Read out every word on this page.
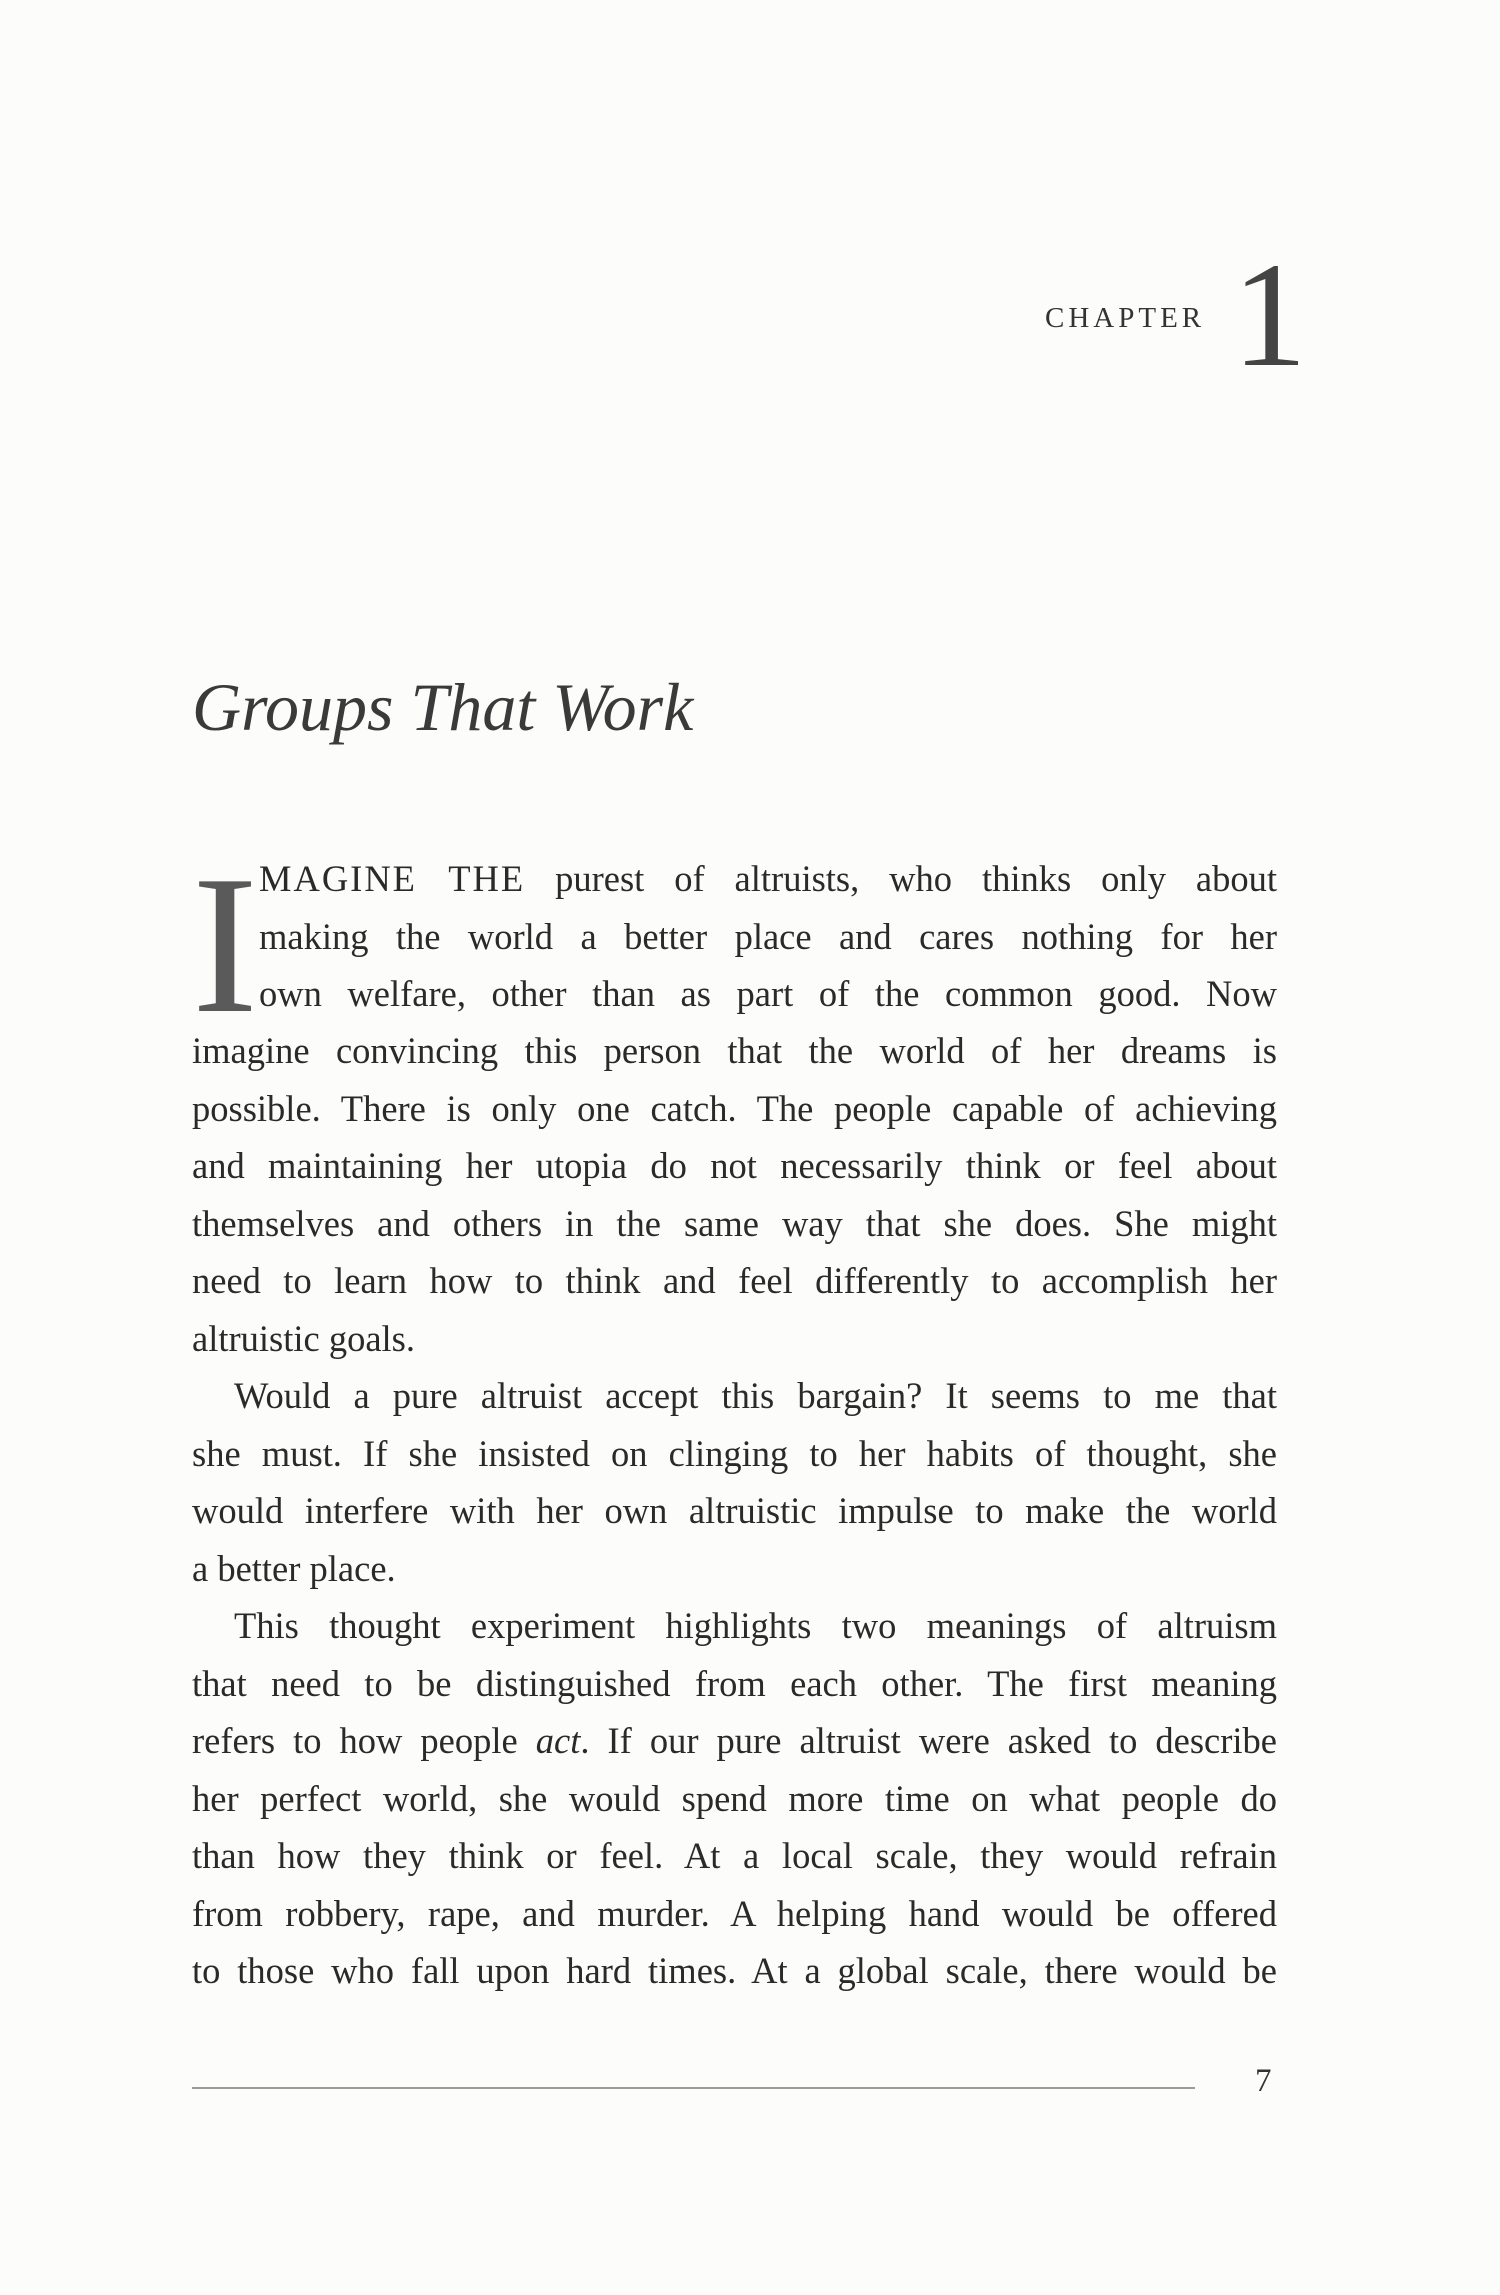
CHAPTER 1
Groups That Work
I MAGINE THE purest of altruists, who thinks only about
making the world a better place and cares nothing for her
own welfare, other than as part of the common good. Now
imagine convincing this person that the world of her dreams is
possible. There is only one catch. The people capable of achieving
and maintaining her utopia do not necessarily think or feel about
themselves and others in the same way that she does. She might
need to learn how to think and feel differently to accomplish her
altruistic goals.
Would a pure altruist accept this bargain? It seems to me that
she must. If she insisted on clinging to her habits of thought, she
would interfere with her own altruistic impulse to make the world
a better place.
This thought experiment highlights two meanings of altruism
that need to be distinguished from each other. The first meaning
refers to how people act. If our pure altruist were asked to describe
her perfect world, she would spend more time on what people do
than how they think or feel. At a local scale, they would refrain
from robbery, rape, and murder. A helping hand would be offered
to those who fall upon hard times. At a global scale, there would be
7
